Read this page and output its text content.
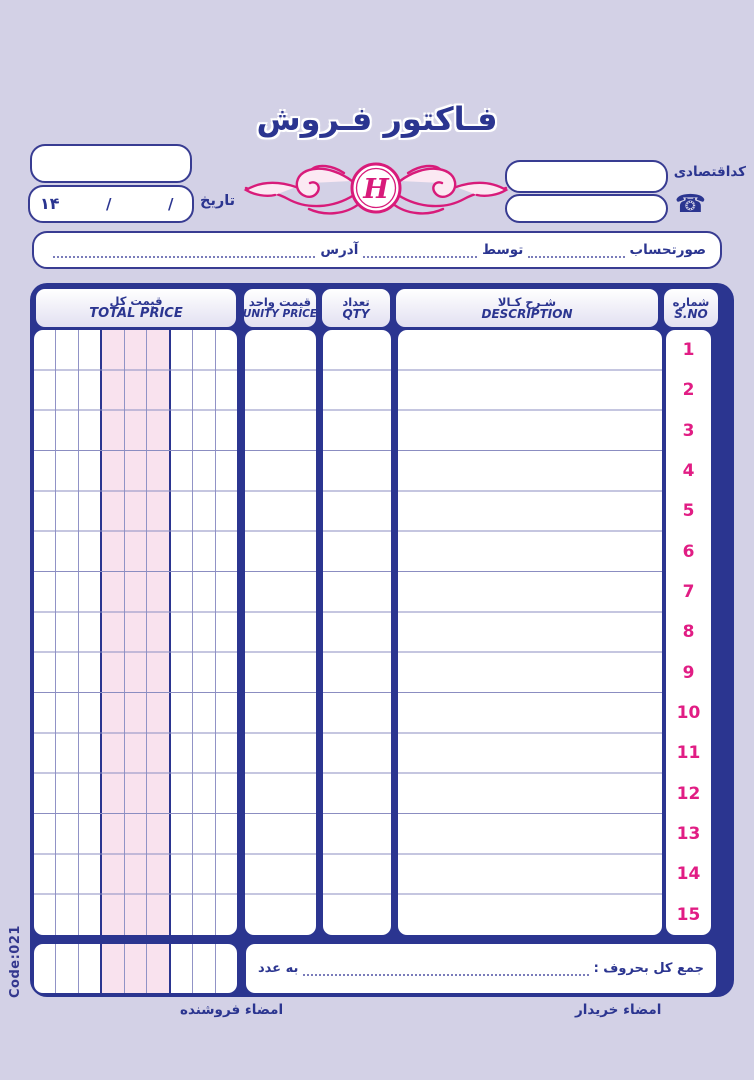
فـاکتور فـروش
H
کداقتصادی
☎
۱۴	/	/ تاریخ
صورتحساب
توسط
آدرس
شماره
S.NO
شـرح کـالا
DESCRIPTION
تعداد
QTY
قیمت واحد
UNITY PRICE
قیمت کل
TOTAL PRICE
1
2
3
4
5
6
7
8
9
10
11
12
13
14
15
جمع کل بحروف :
به عدد
امضاء خریدار
امضاء فروشنده
Code:021
